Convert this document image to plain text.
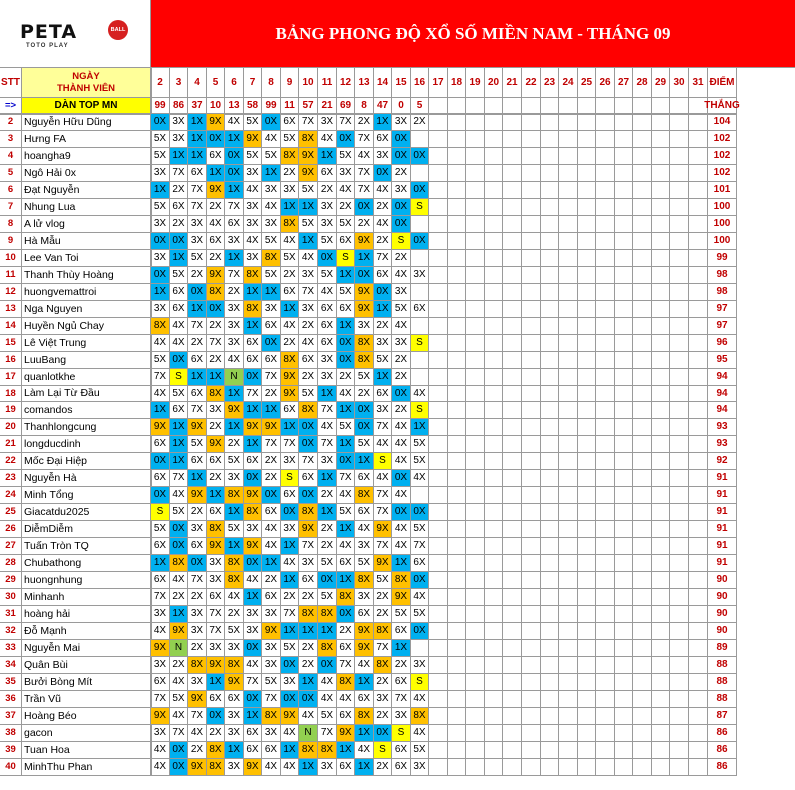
PETA
TOTO PLAY
BALL	BẢNG PHONG ĐỘ XỔ SỐ MIỀN NAM - THÁNG 09
STT
NGÀY
THÀNH VIÊN
2	3	4	5	6	7	8	9	10 11 12 13 14 15 16 17 18 19 20 21 22 23 24 25 26 27 28 29 30 31 ĐIỂM
=>	DÀN TOP MN	99 86 37 10 13 58 99 11 57 21 69	8	47	0	5	THẮNG
2	Nguyễn Hữu Dũng	0X 3X 1X 9X 4X 5X 0X 6X 7X 3X 7X 2X 1X 3X 2X	104
3	Hưng FA	5X 3X 1X 0X 1X 9X 4X 5X 8X 4X 0X 7X 6X 0X	102
4	hoangha9	5X 1X 1X 6X 0X 5X 5X 8X 9X 1X 5X 4X 3X 0X 0X	102
5	Ngô Hải 0x	3X 7X 6X 1X 0X 3X 1X 2X 9X 6X 3X 7X 0X 2X	102
6	Đạt Nguyễn	1X 2X 7X 9X 1X 4X 3X 3X 5X 2X 4X 7X 4X 3X 0X	101
7	Nhung Lua	5X 6X 7X 2X 7X 3X 4X 1X 1X 3X 2X 0X 2X 0X S	100
8	A lử vlog	3X 2X 3X 4X 6X 3X 3X 8X 5X 3X 5X 2X 4X 0X	100
9	Hà Mẫu	0X 0X 3X 6X 3X 4X 5X 4X 1X 5X 6X 9X 2X S 0X	100
10 Lee Van Toi	3X 1X 5X 2X 1X 3X 8X 5X 4X 0X S 1X 7X 2X	99
11 Thanh Thùy Hoàng	0X 5X 2X 9X 7X 8X 5X 2X 3X 5X 1X 0X 6X 4X 3X	98
12 huongvemattroi	1X 6X 0X 8X 2X 1X 1X 6X 7X 4X 5X 9X 0X 3X	98
13 Nga Nguyen	3X 6X 1X 0X 3X 8X 3X 1X 3X 6X 6X 9X 1X 5X 6X	97
14 Huyền Ngủ Chay	8X 4X 7X 2X 3X 1X 6X 4X 2X 6X 1X 3X 2X 4X	97
15 Lê Việt Trung	4X 4X 2X 7X 3X 6X 0X 2X 4X 6X 0X 8X 3X 3X S	96
16 LuuBang	5X 0X 6X 2X 4X 6X 6X 8X 6X 3X 0X 8X 5X 2X	95
17 quanlotkhe	7X S 1X 1X N 0X 7X 9X 2X 3X 2X 5X 1X 2X	94
18 Làm Lại Từ Đầu	4X 5X 6X 8X 1X 7X 2X 9X 5X 1X 4X 2X 6X 0X 4X	94
19 comandos	1X 6X 7X 3X 9X 1X 1X 6X 8X 7X 1X 0X 3X 2X S	94
20 Thanhlongcung	9X 1X 9X 2X 1X 9X 9X 1X 0X 4X 5X 0X 7X 4X 1X	93
21 longducdinh	6X 1X 5X 9X 2X 1X 7X 7X 0X 7X 1X 5X 4X 4X 5X	93
22 Mốc Đại Hiệp	0X 1X 6X 6X 5X 6X 2X 3X 7X 3X 0X 1X S 4X 5X	92
23 Nguyễn Hà	6X 7X 1X 2X 3X 0X 2X S 6X 1X 7X 6X 4X 0X 4X	91
24 Minh Tổng	0X 4X 9X 1X 8X 9X 0X 6X 0X 2X 4X 8X 7X 4X	91
25 Giacatdu2025	S 5X 2X 6X 1X 8X 6X 0X 8X 1X 5X 6X 7X 0X 0X	91
26 DiễmDiễm	5X 0X 3X 8X 5X 3X 4X 3X 9X 2X 1X 4X 9X 4X 5X	91
27 Tuấn Tròn TQ	6X 0X 6X 9X 1X 9X 4X 1X 7X 2X 4X 3X 7X 4X 7X	91
28 Chubathong	1X 8X 0X 3X 8X 0X 1X 4X 3X 5X 6X 5X 9X 1X 6X	91
29 huongnhung	6X 4X 7X 3X 8X 4X 2X 1X 6X 0X 1X 8X 5X 8X 0X	90
30 Minhanh	7X 2X 2X 6X 4X 1X 6X 2X 2X 5X 8X 3X 2X 9X 4X	90
31 hoàng hải	3X 1X 3X 7X 2X 3X 3X 7X 8X 8X 0X 6X 2X 5X 5X	90
32 Đỗ Mạnh	4X 9X 3X 7X 5X 3X 9X 1X 1X 1X 2X 9X 8X 6X 0X	90
33 Nguyễn Mai	9X N 2X 3X 3X 0X 3X 5X 2X 8X 6X 9X 7X 1X	89
34 Quân Bùi	3X 2X 8X 9X 8X 4X 3X 0X 2X 0X 7X 4X 8X 2X 3X	88
35 Bưởi Bòng Mít	6X 4X 3X 1X 9X 7X 5X 3X 1X 4X 8X 1X 2X 6X S	88
36 Trần Vũ	7X 5X 9X 6X 6X 0X 7X 0X 0X 4X 4X 6X 3X 7X 4X	88
37 Hoàng Béo	9X 4X 7X 0X 3X 1X 8X 9X 4X 5X 6X 8X 2X 3X 8X	87
38 gacon	3X 7X 4X 2X 3X 6X 3X 4X N 7X 9X 1X 0X S 4X	86
39 Tuan Hoa	4X 0X 2X 8X 1X 6X 6X 1X 8X 8X 1X 4X S 6X 5X	86
40 MinhThu Phan	4X 0X 9X 8X 3X 9X 4X 4X 1X 3X 6X 1X 2X 6X 3X	86
